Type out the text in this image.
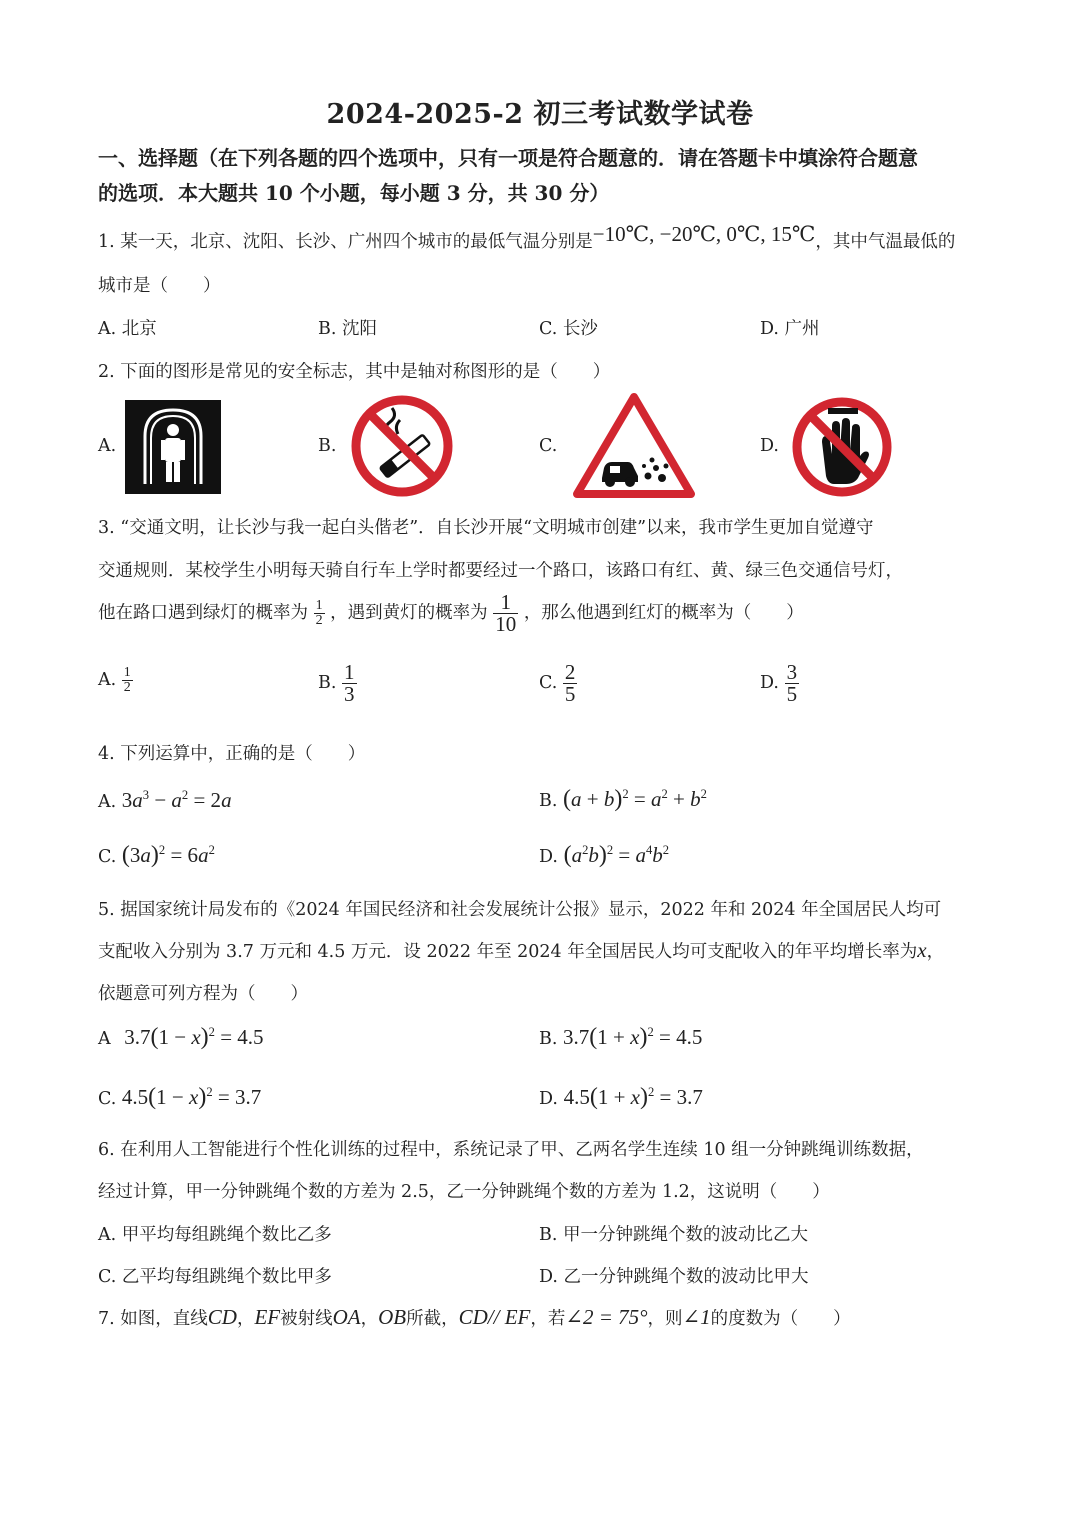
2024-2025-2 初三考试数学试卷
一、选择题（在下列各题的四个选项中，只有一项是符合题意的．请在答题卡中填涂符合题意
的选项．本大题共 10 个小题，每小题 3 分，共 30 分）
1. 某一天，北京、沈阳、长沙、广州四个城市的最低气温分别是−10℃, −20℃, 0℃, 15℃，其中气温最低的
城市是（　　）
A. 北京	B. 沈阳	C. 长沙	D. 广州
2. 下面的图形是常见的安全标志，其中是轴对称图形的是（　　）
A.	B.	C.	D.
3. “交通文明，让长沙与我一起白头偕老”．自长沙开展“文明城市创建”以来，我市学生更加自觉遵守
交通规则．某校学生小明每天骑自行车上学时都要经过一个路口，该路口有红、黄、绿三色交通信号灯，
他在路口遇到绿灯的概率为 $\frac{1}{2}$ ，遇到黄灯的概率为 $\frac{1}{10}$ ，那么他遇到红灯的概率为（　　）
A. $\frac{1}{2}$	B. $\frac{1}{3}$	C. $\frac{2}{5}$	D. $\frac{3}{5}$
4. 下列运算中，正确的是（　　）
A. $3a^3 - a^2 = 2a$	B. $(a + b)^2 = a^2 + b^2$
C. $(3a)^2 = 6a^2$	D. $(a^2b)^2 = a^4b^2$
5. 据国家统计局发布的《2024 年国民经济和社会发展统计公报》显示，2022 年和 2024 年全国居民人均可
支配收入分别为 3.7 万元和 4.5 万元．设 2022 年至 2024 年全国居民人均可支配收入的年平均增长率为x，
依题意可列方程为（　　）
A $3.7(1 - x)^2 = 4.5$	B. $3.7(1 + x)^2 = 4.5$
C. $4.5(1 - x)^2 = 3.7$	D. $4.5(1 + x)^2 = 3.7$
6. 在利用人工智能进行个性化训练的过程中，系统记录了甲、乙两名学生连续 10 组一分钟跳绳训练数据，
经过计算，甲一分钟跳绳个数的方差为 2.5，乙一分钟跳绳个数的方差为 1.2，这说明（　　）
A. 甲平均每组跳绳个数比乙多	B. 甲一分钟跳绳个数的波动比乙大
C. 乙平均每组跳绳个数比甲多	D. 乙一分钟跳绳个数的波动比甲大
7. 如图，直线CD，EF被射线OA，OB所截，CD// EF，若∠2 = 75°，则∠1的度数为（　　）
